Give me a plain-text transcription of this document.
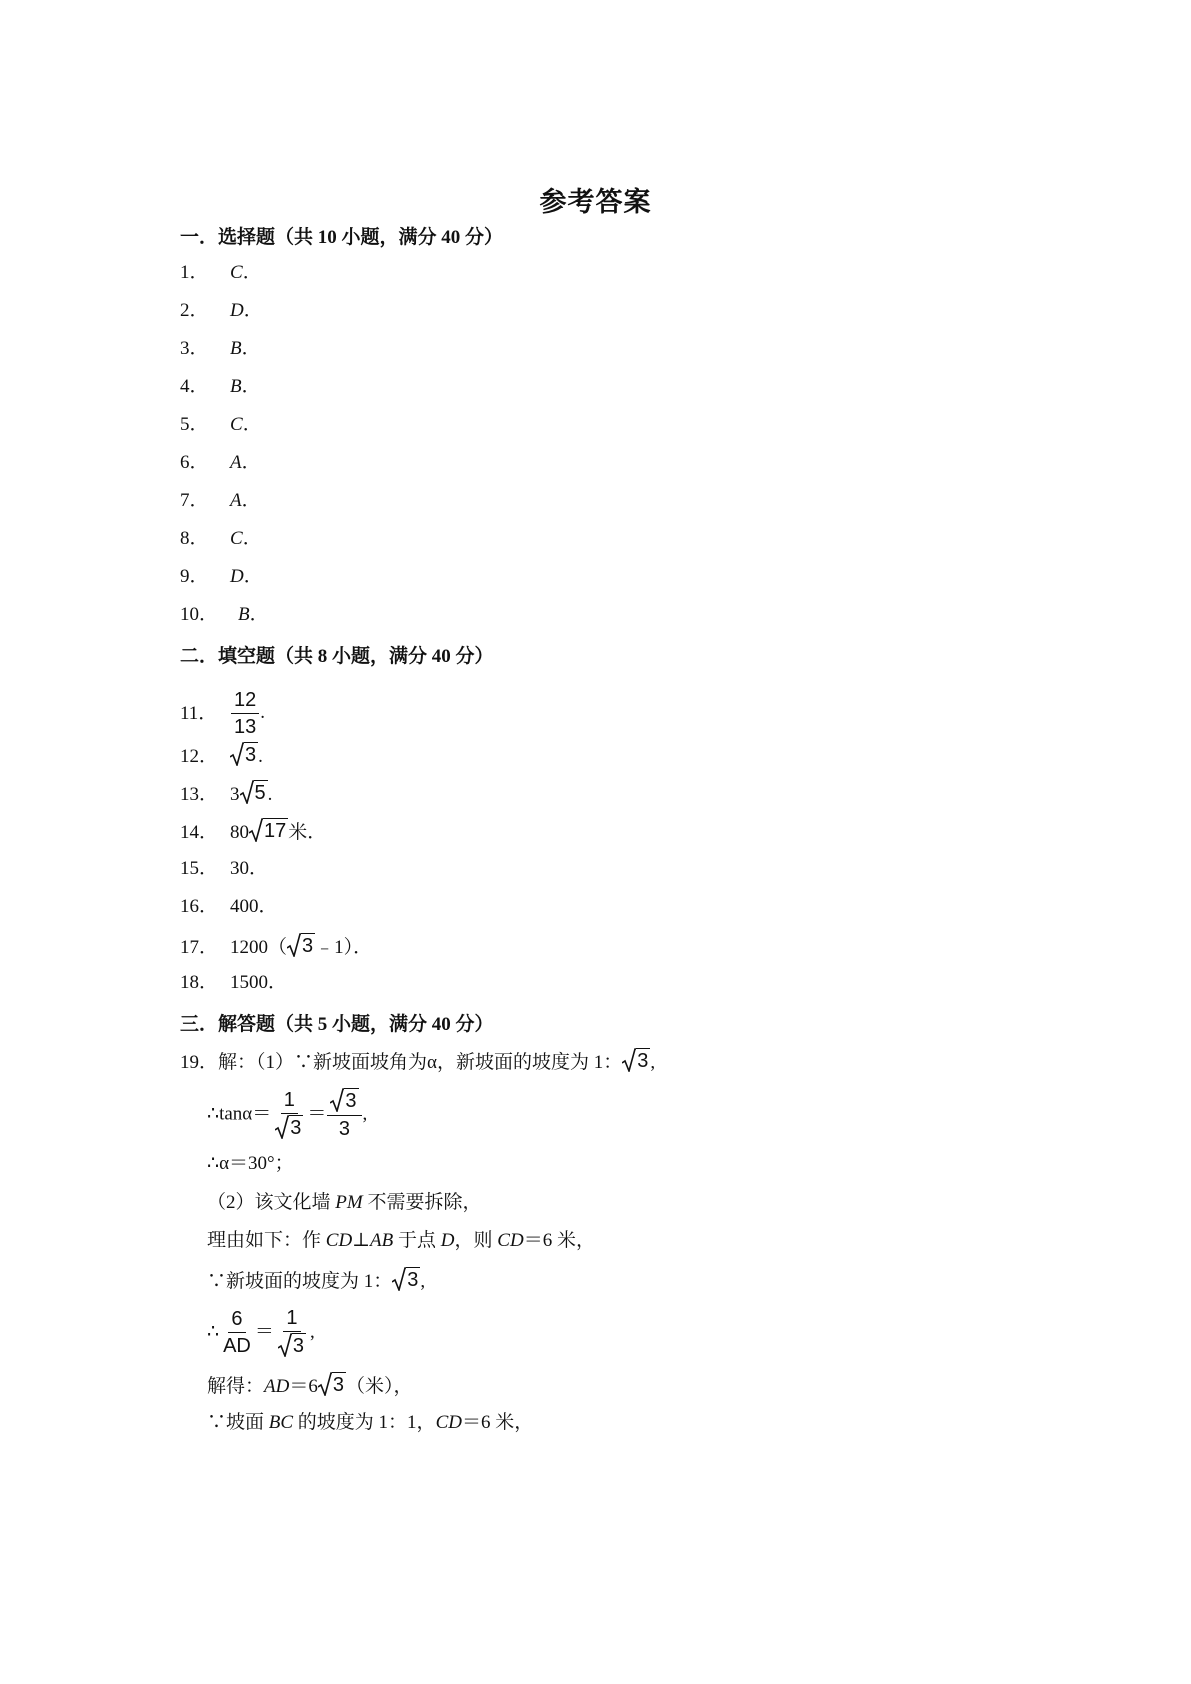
参考答案
一．选择题（共 10 小题，满分 40 分）
1． C．
2． D．
3． B．
4． B．
5． C．
6． A．
7． A．
8． C．
9． D．
10． B．
二．填空题（共 8 小题，满分 40 分）
11． $\frac{12}{13}$ .
12． 3 .
13． 3 5 .
14． 80 17 米．
15． 30．
16． 400．
17． 1200（ 3 ﹣1）．
18． 1500．
三．解答题（共 5 小题，满分 40 分）
19．解：（1）∵新坡面坡角为α，新坡面的坡度为 1： 3 ,
∴tanα＝ $\frac{1}{3} = \frac{3}{3}$ ,
∴α＝30°；
（2）该文化墙 PM 不需要拆除，
理由如下：作 CD⊥AB 于点 D，则 CD＝6 米，
∵新坡面的坡度为 1： 3 ,
∴ $\frac{6}{AD} = \frac{1}{3}$ ,
解得：AD＝6 3 （米），
∵坡面 BC 的坡度为 1：1，CD＝6 米，
